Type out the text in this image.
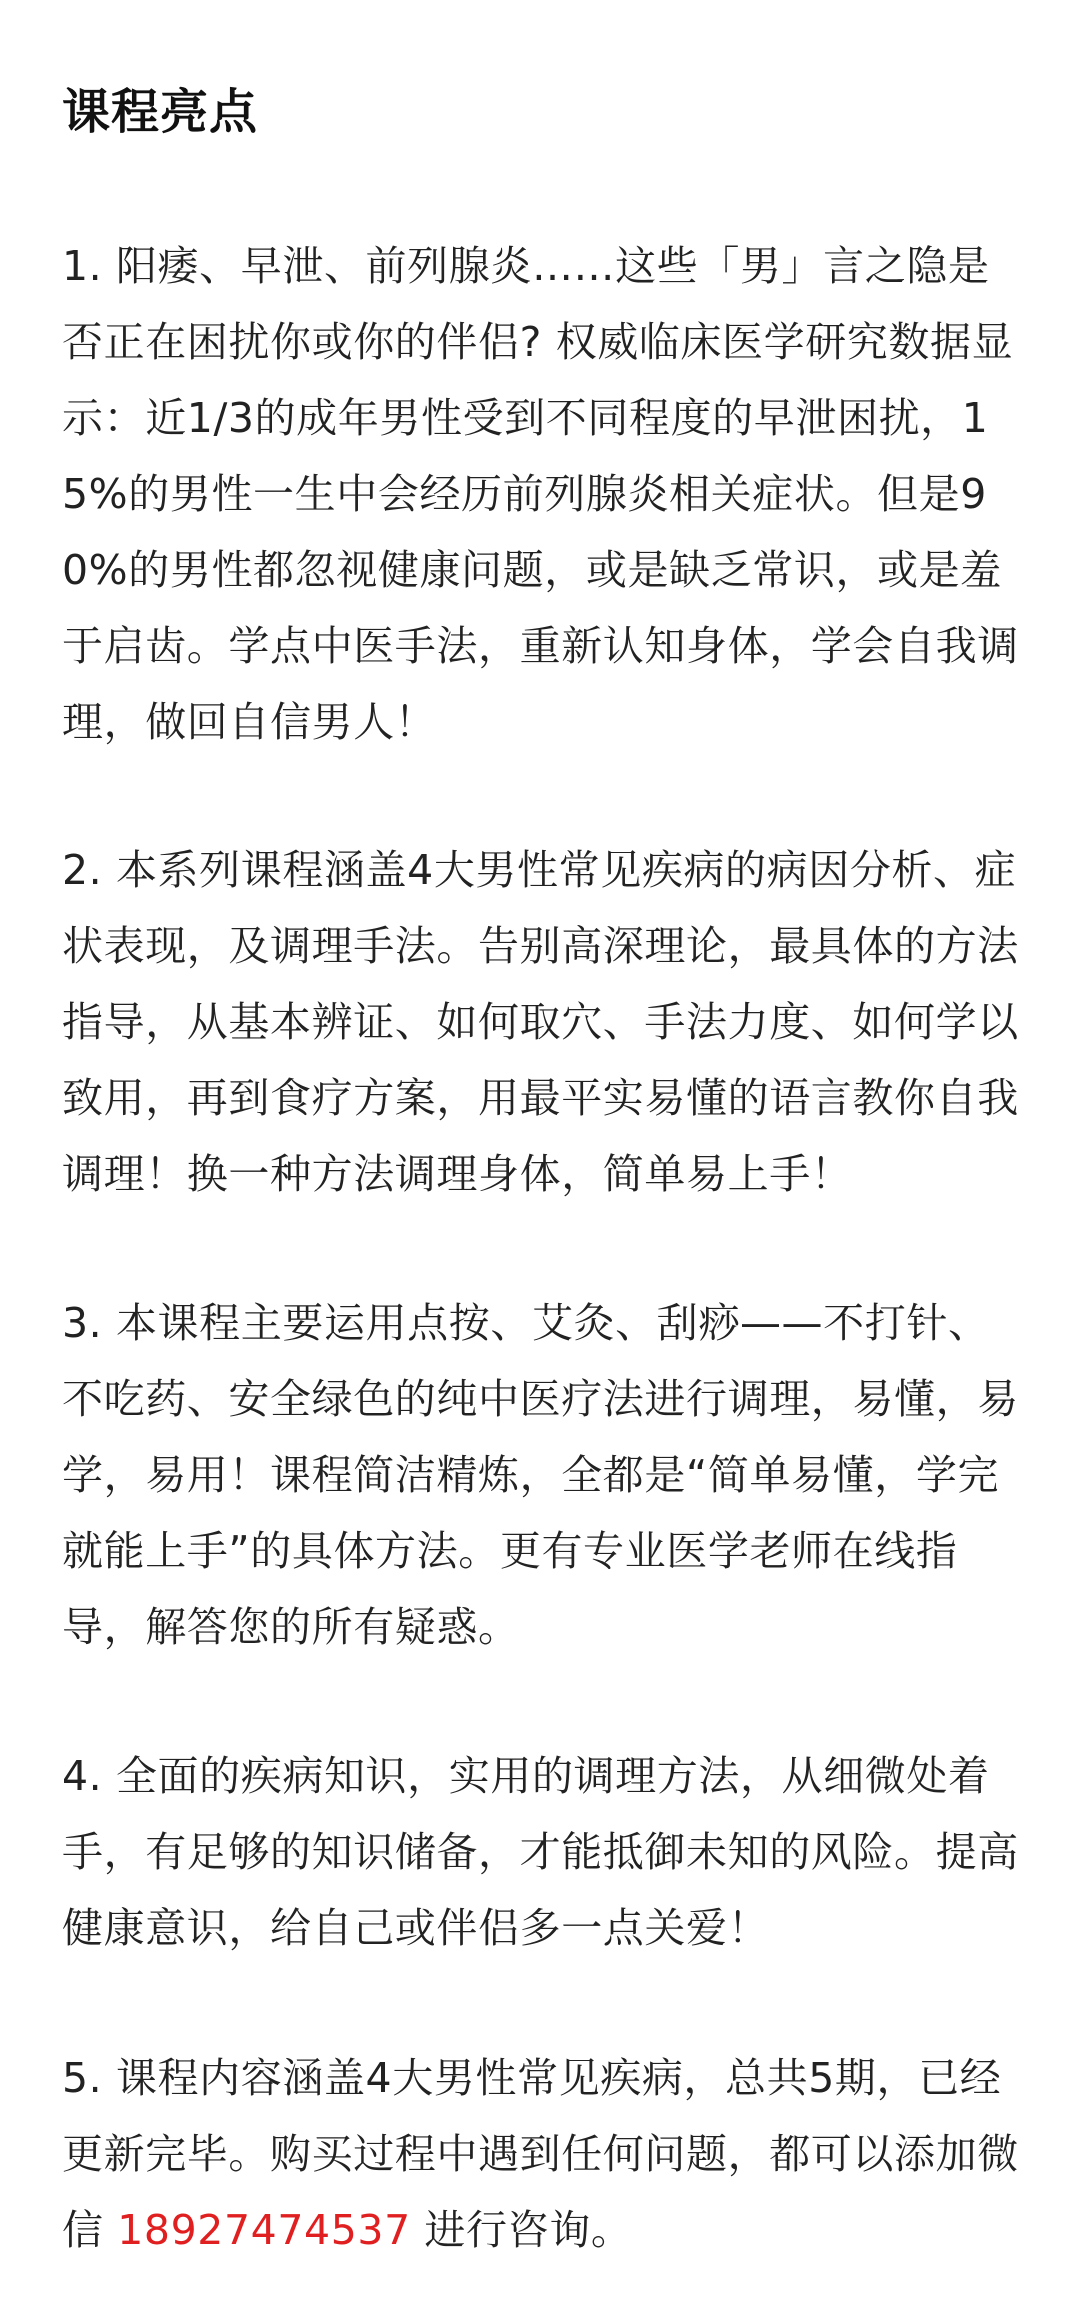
课程亮点

1. 阳痿、早泄、前列腺炎……这些「男」言之隐是否正在困扰你或你的伴侣? 权威临床医学研究数据显示：近1/3的成年男性受到不同程度的早泄困扰，15%的男性一生中会经历前列腺炎相关症状。但是90%的男性都忽视健康问题，或是缺乏常识，或是羞于启齿。学点中医手法，重新认知身体，学会自我调理，做回自信男人！

2. 本系列课程涵盖4大男性常见疾病的病因分析、症状表现，及调理手法。告别高深理论，最具体的方法指导，从基本辨证、如何取穴、手法力度、如何学以致用，再到食疗方案，用最平实易懂的语言教你自我调理！换一种方法调理身体，简单易上手！

3. 本课程主要运用点按、艾灸、刮痧——不打针、不吃药、安全绿色的纯中医疗法进行调理，易懂，易学，易用！课程简洁精炼，全都是“简单易懂，学完就能上手”的具体方法。更有专业医学老师在线指导，解答您的所有疑惑。

4. 全面的疾病知识，实用的调理方法，从细微处着手，有足够的知识储备，才能抵御未知的风险。提高健康意识，给自己或伴侣多一点关爱！

5. 课程内容涵盖4大男性常见疾病，总共5期，已经更新完毕。购买过程中遇到任何问题，都可以添加微信 18927474537 进行咨询。
